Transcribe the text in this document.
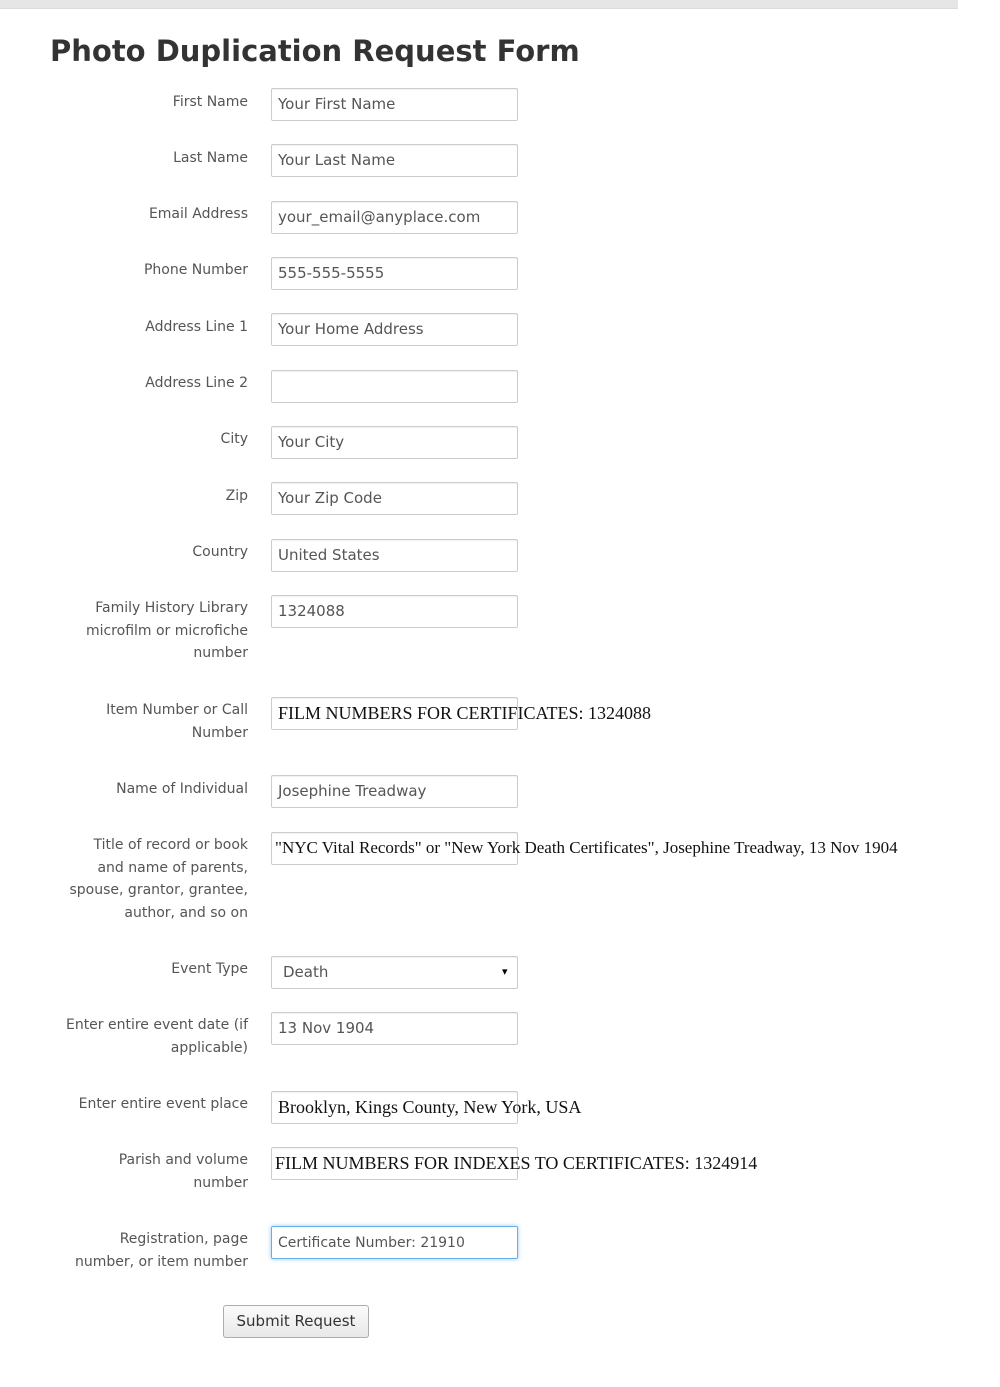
Photo Duplication Request Form
First Name Your First Name
Last Name Your Last Name
Email Address your_email@anyplace.com
Phone Number 555-555-5555
Address Line 1 Your Home Address
Address Line 2
City Your City
Zip Your Zip Code
Country United States
Family History Library
microfilm or microfiche
number
1324088
Item Number or Call
Number
FILM NUMBERS FOR CERTIFICATES: 1324088
Name of Individual Josephine Treadway
Title of record or book
and name of parents,
spouse, grantor, grantee,
author, and so on
"NYC Vital Records" or "New York Death Certificates", Josephine Treadway, 13 Nov 1904
Event Type Death	▾
Enter entire event date (if
applicable)
13 Nov 1904
Enter entire event place Brooklyn, Kings County, New York, USA
Parish and volume
number
FILM NUMBERS FOR INDEXES TO CERTIFICATES: 1324914
Registration, page
number, or item number
Certificate Number: 21910
Submit Request
